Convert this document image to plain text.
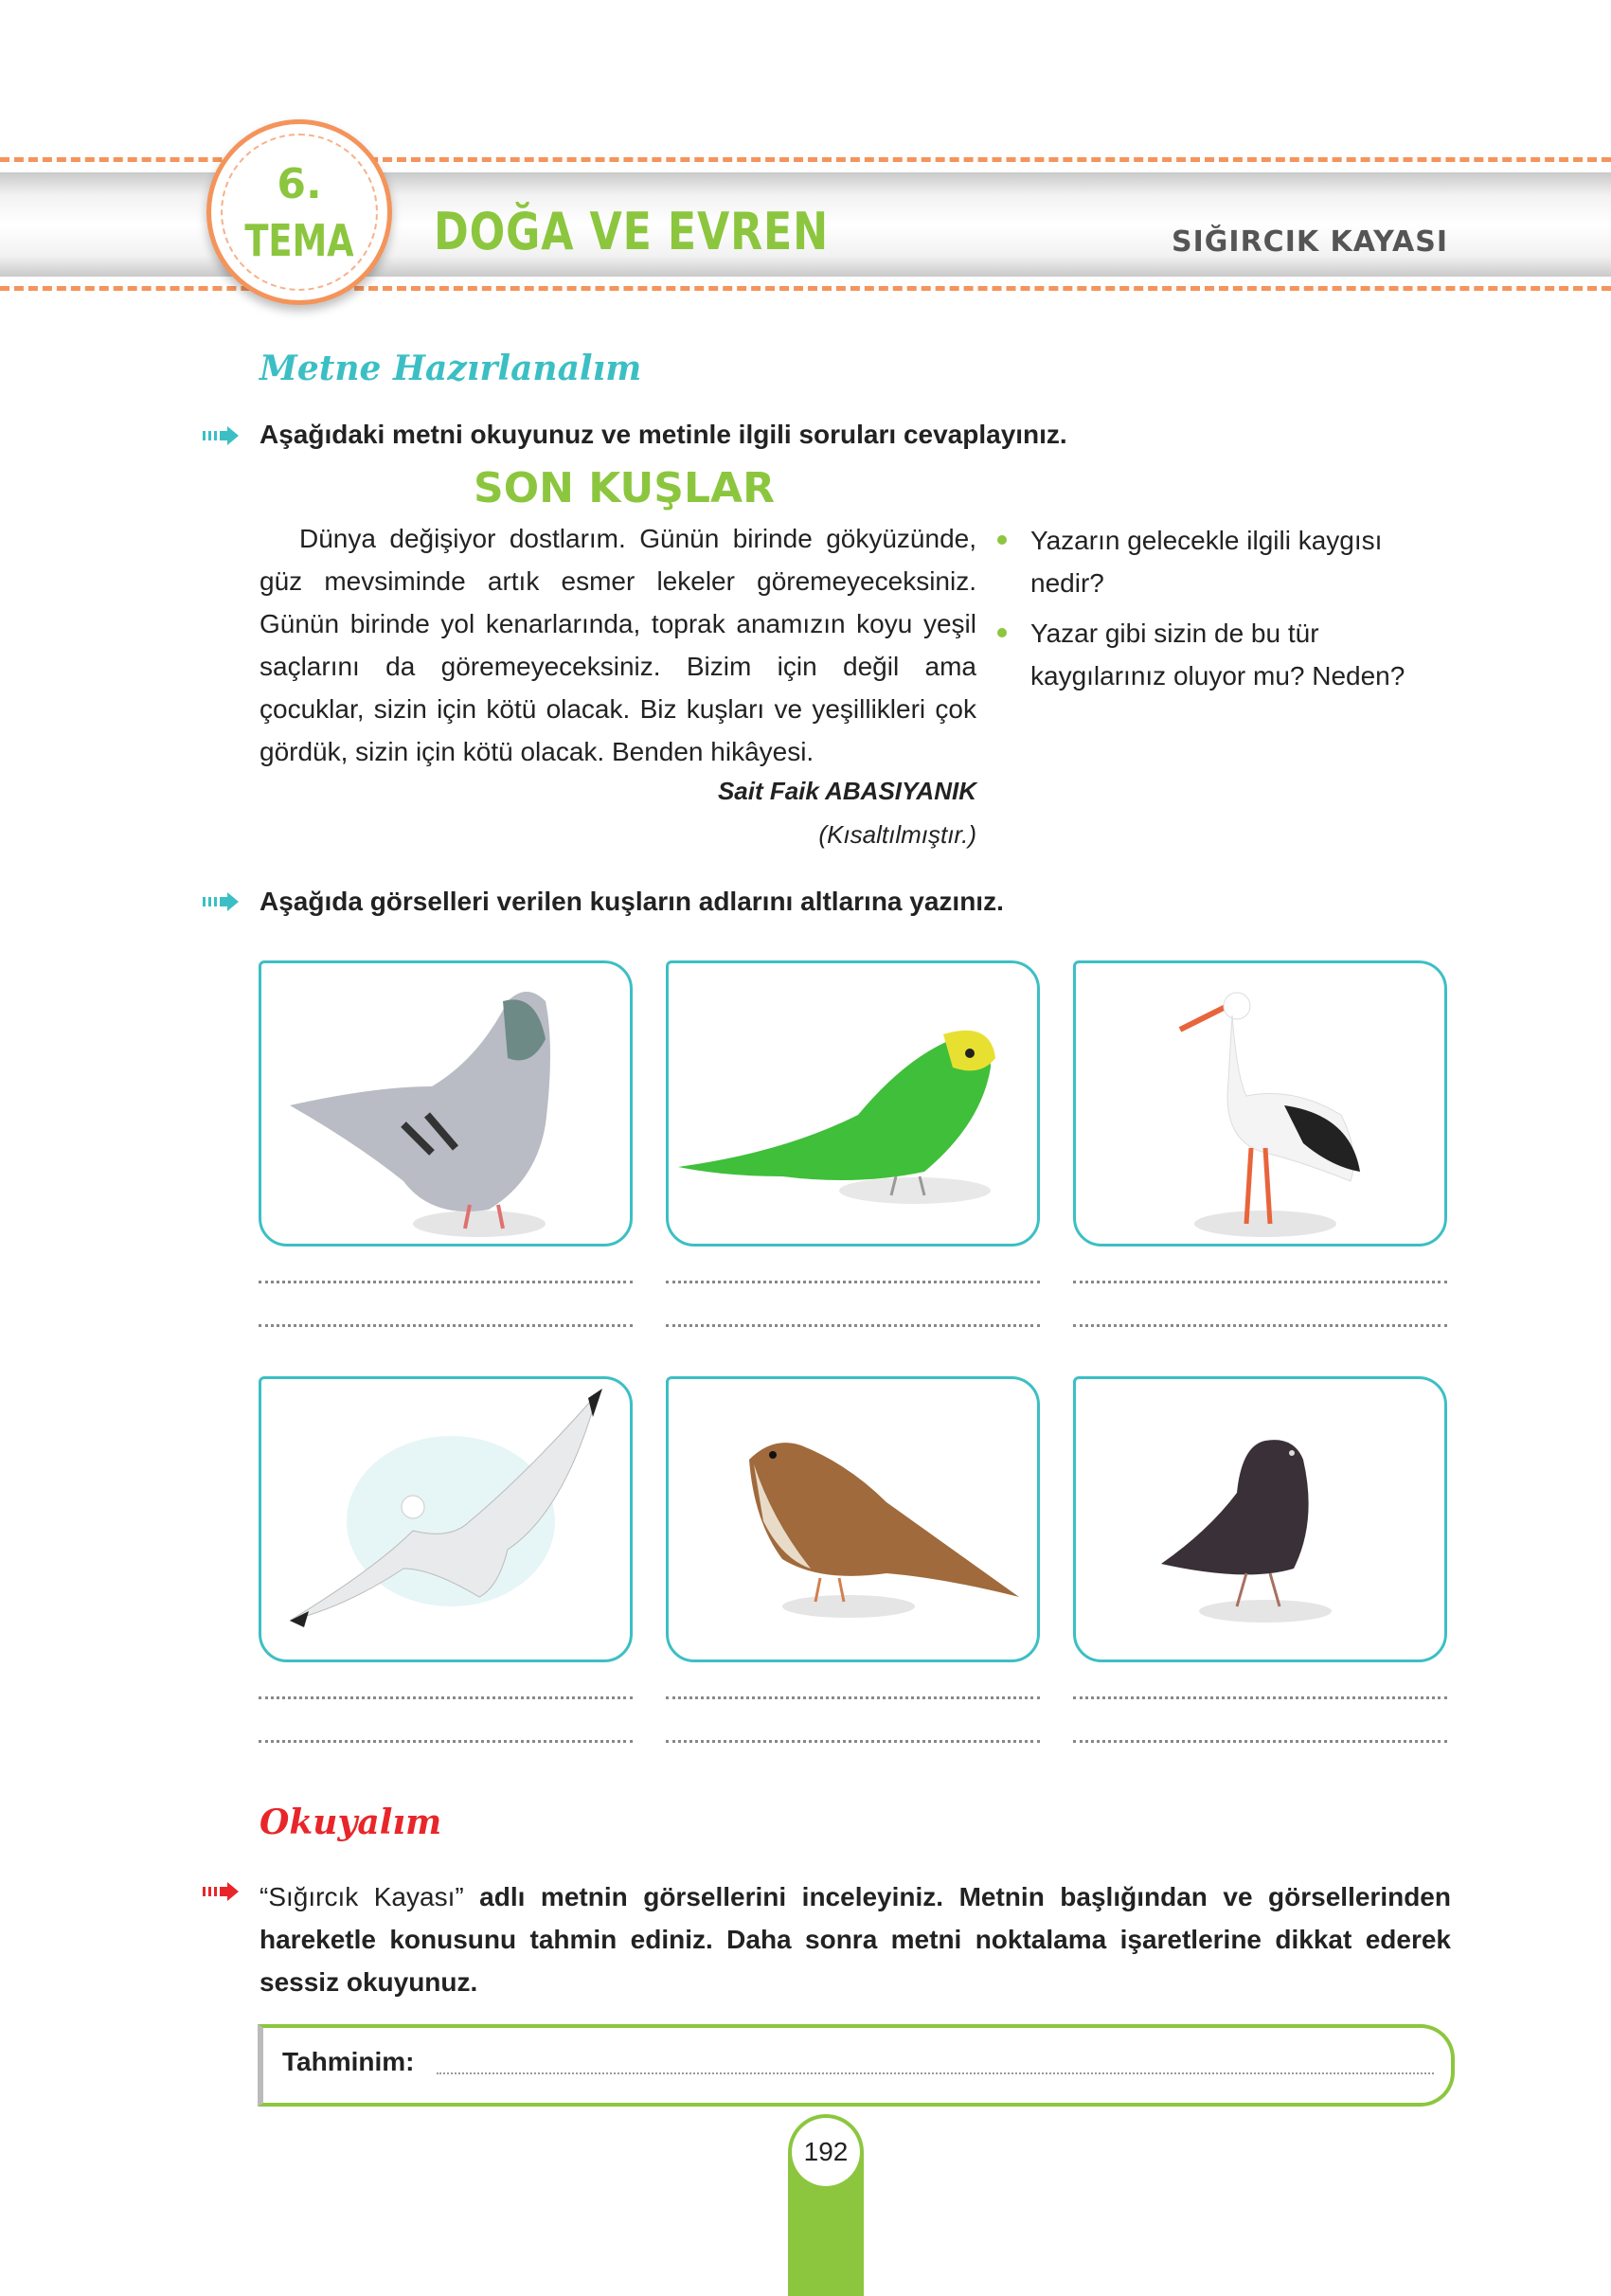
6.
TEMA	DOĞA VE EVREN	SIĞIRCIK KAYASI
Metne Hazırlanalım
Aşağıdaki metni okuyunuz ve metinle ilgili soruları cevaplayınız.
SON KUŞLAR
Dünya değişiyor dostlarım. Günün birinde gökyüzünde, güz mevsiminde artık esmer lekeler göremeyeceksiniz. Günün birinde yol kenarlarında, toprak anamızın koyu yeşil saçlarını da göremeyeceksiniz. Bizim için değil ama çocuklar, sizin için kötü olacak. Biz kuşları ve yeşillikleri çok gördük, sizin için kötü olacak. Benden hikâyesi.
Sait Faik ABASIYANIK
(Kısaltılmıştır.)
Yazarın gelecekle ilgili kaygısı nedir?
Yazar gibi sizin de bu tür kaygılarınız oluyor mu? Neden?
Aşağıda görselleri verilen kuşların adlarını altlarına yazınız.
Okuyalım
“Sığırcık Kayası” adlı metnin görsellerini inceleyiniz. Metnin başlığından ve görsellerinden hareketle konusunu tahmin ediniz. Daha sonra metni noktalama işaretlerine dikkat ederek sessiz okuyunuz.
Tahminim:
192
